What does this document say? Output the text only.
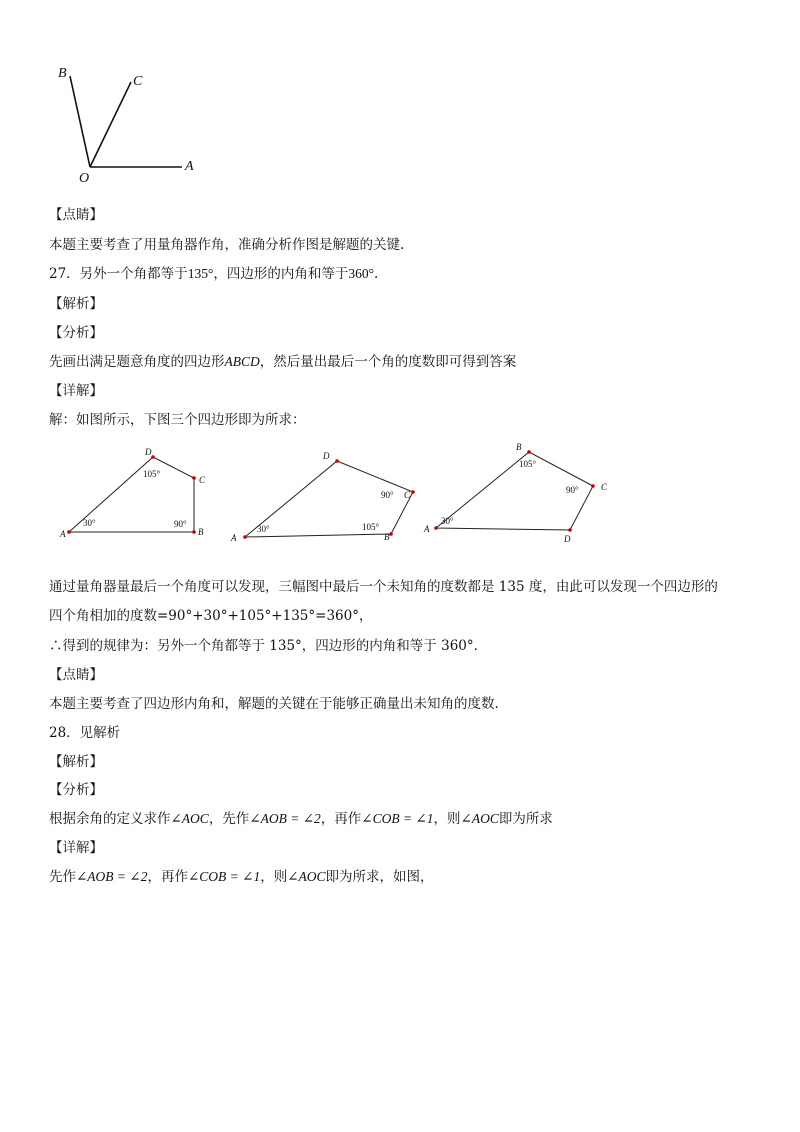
B
C
O
A
【点睛】
本题主要考查了用量角器作角，准确分析作图是解题的关键.
27．另外一个角都等于135°，四边形的内角和等于360°.
【解析】
【分析】
先画出满足题意角度的四边形ABCD，然后量出最后一个角的度数即可得到答案
【详解】
解：如图所示，下图三个四边形即为所求：
D
C
B
A
105°
30°	90°
D
C
B
A
90°
30°	105°
B
C
D
A
105°
90°
30°
通过量角器量最后一个角度可以发现，三幅图中最后一个未知角的度数都是 135 度，由此可以发现一个四边形的
四个角相加的度数=90°+30°+105°+135°=360°，
∴得到的规律为：另外一个角都等于 135°，四边形的内角和等于 360°.
【点睛】
本题主要考查了四边形内角和，解题的关键在于能够正确量出未知角的度数.
28．见解析
【解析】
【分析】
根据余角的定义求作∠AOC，先作∠AOB = ∠2，再作∠COB = ∠1，则∠AOC即为所求
【详解】
先作∠AOB = ∠2，再作∠COB = ∠1，则∠AOC即为所求，如图，
